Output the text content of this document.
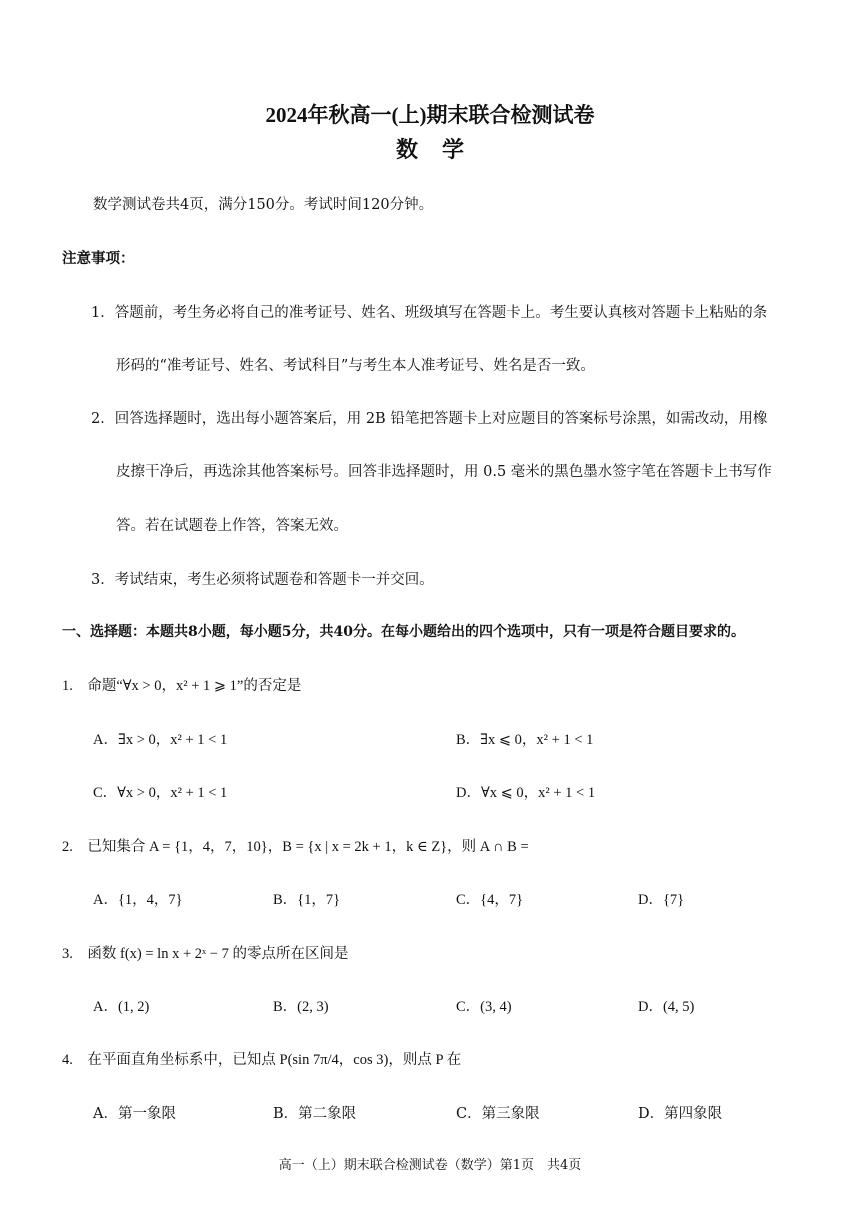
2024年秋高一(上)期末联合检测试卷
数学
数学测试卷共4页，满分150分。考试时间120分钟。
注意事项：
1．答题前，考生务必将自己的准考证号、姓名、班级填写在答题卡上。考生要认真核对答题卡上粘贴的条
形码的“准考证号、姓名、考试科目”与考生本人准考证号、姓名是否一致。
2．回答选择题时，选出每小题答案后，用 2B 铅笔把答题卡上对应题目的答案标号涂黑，如需改动，用橡
皮擦干净后，再选涂其他答案标号。回答非选择题时，用 0.5 毫米的黑色墨水签字笔在答题卡上书写作
答。若在试题卷上作答，答案无效。
3．考试结束，考生必须将试题卷和答题卡一并交回。
一、选择题：本题共8小题，每小题5分，共40分。在每小题给出的四个选项中，只有一项是符合题目要求的。
1.　命题“∀x > 0，x² + 1 ⩾ 1”的否定是
A．∃x > 0，x² + 1 < 1	B．∃x ⩽ 0，x² + 1 < 1
C．∀x > 0，x² + 1 < 1	D．∀x ⩽ 0，x² + 1 < 1
2.　已知集合 A = {1，4，7，10}，B = {x | x = 2k + 1，k ∈ Z}，则 A ∩ B =
A．{1，4，7}	B．{1，7}	C．{4，7}	D．{7}
3.　函数 f(x) = ln x + 2ˣ − 7 的零点所在区间是
A．(1, 2)	B．(2, 3)	C．(3, 4)	D．(4, 5)
4.　在平面直角坐标系中，已知点 P(sin 7π/4，cos 3)，则点 P 在
A．第一象限	B．第二象限	C．第三象限	D．第四象限
高一（上）期末联合检测试卷（数学）第1页　共4页
